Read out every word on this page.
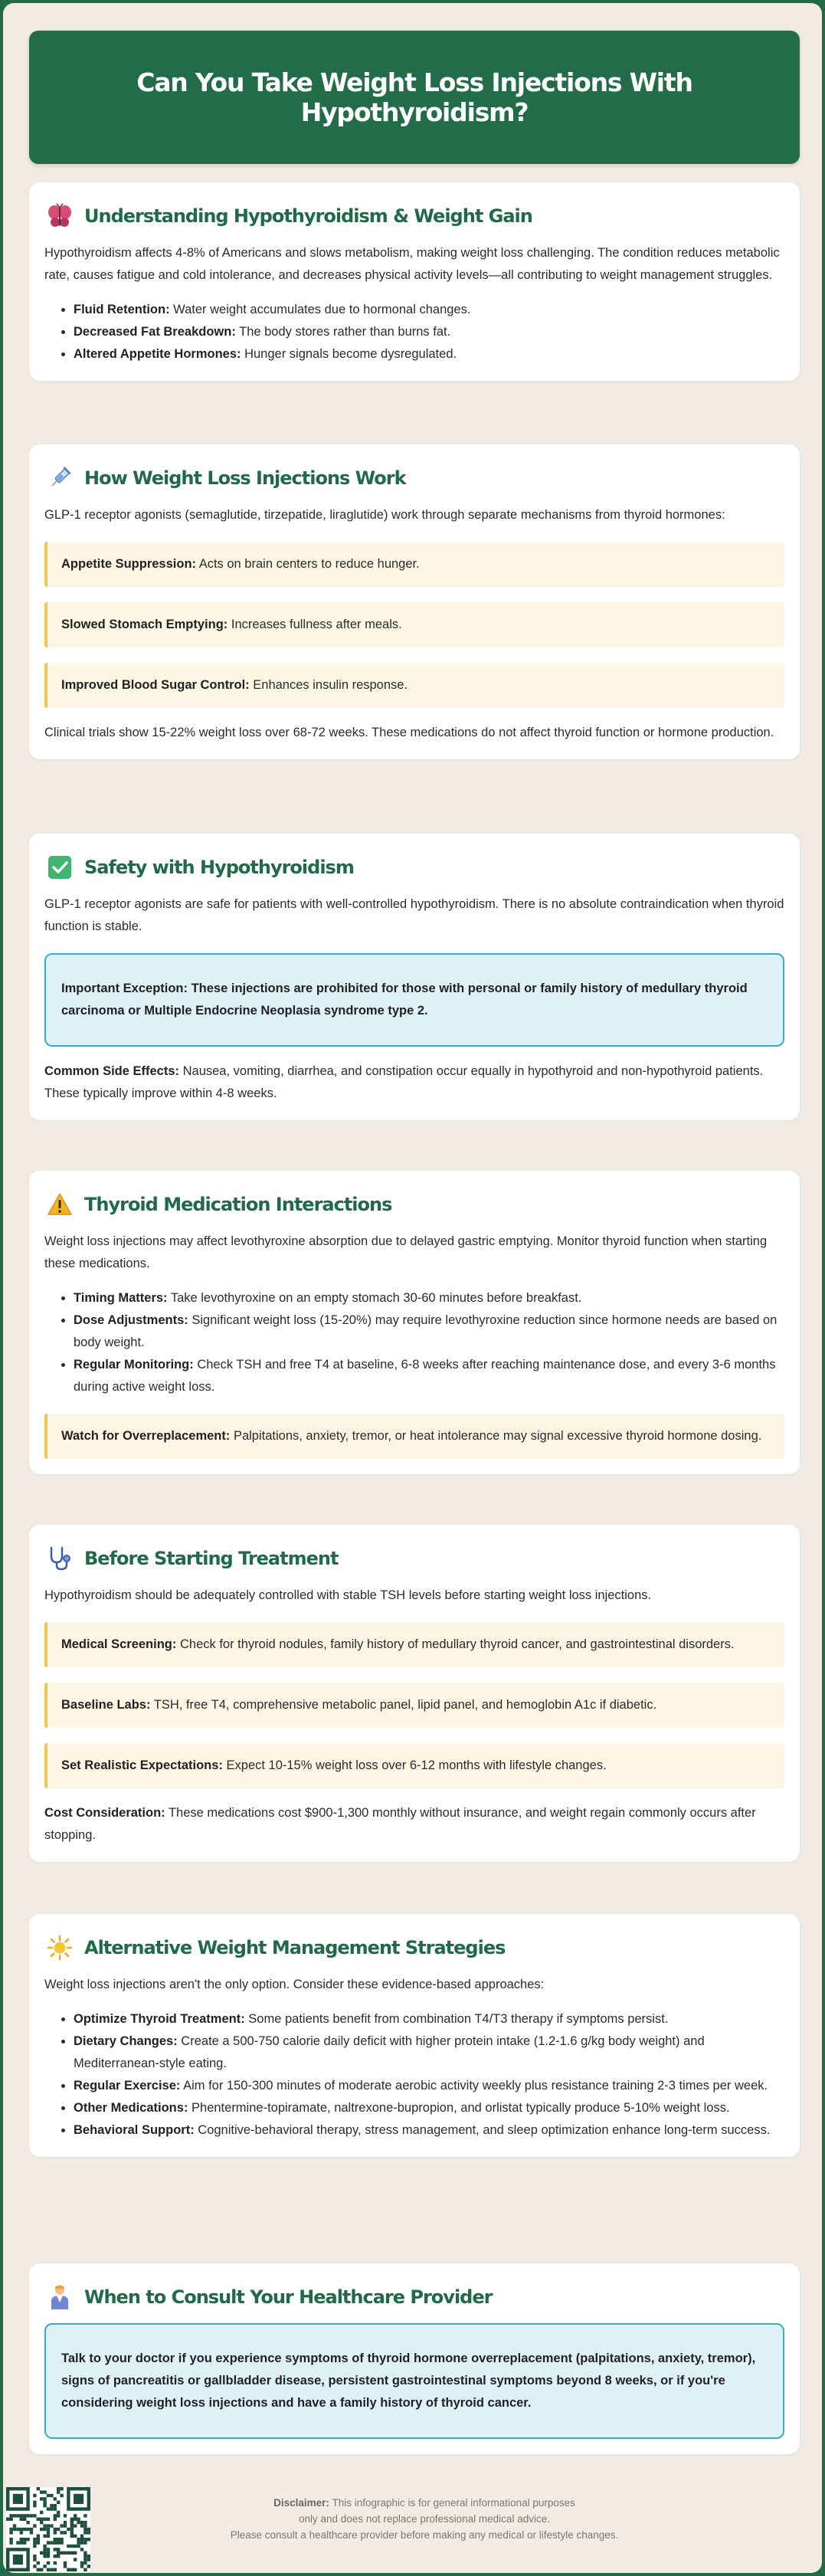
Can You Take Weight Loss Injections With Hypothyroidism?
Understanding Hypothyroidism & Weight Gain

Hypothyroidism affects 4-8% of Americans and slows metabolism, making weight loss challenging. The condition reduces metabolic rate, causes fatigue and cold intolerance, and decreases physical activity levels—all contributing to weight management struggles.

• Fluid Retention: Water weight accumulates due to hormonal changes.
• Decreased Fat Breakdown: The body stores rather than burns fat.
• Altered Appetite Hormones: Hunger signals become dysregulated.
How Weight Loss Injections Work

GLP-1 receptor agonists (semaglutide, tirzepatide, liraglutide) work through separate mechanisms from thyroid hormones:

Appetite Suppression: Acts on brain centers to reduce hunger.
Slowed Stomach Emptying: Increases fullness after meals.
Improved Blood Sugar Control: Enhances insulin response.

Clinical trials show 15-22% weight loss over 68-72 weeks. These medications do not affect thyroid function or hormone production.

Safety with Hypothyroidism

GLP-1 receptor agonists are safe for patients with well-controlled hypothyroidism. There is no absolute contraindication when thyroid function is stable.

Important Exception: These injections are prohibited for those with personal or family history of medullary thyroid carcinoma or Multiple Endocrine Neoplasia syndrome type 2.

Common Side Effects: Nausea, vomiting, diarrhea, and constipation occur equally in hypothyroid and non-hypothyroid patients. These typically improve within 4-8 weeks.

Thyroid Medication Interactions

Weight loss injections may affect levothyroxine absorption due to delayed gastric emptying. Monitor thyroid function when starting these medications.

• Timing Matters: Take levothyroxine on an empty stomach 30-60 minutes before breakfast.
• Dose Adjustments: Significant weight loss (15-20%) may require levothyroxine reduction since hormone needs are based on body weight.
• Regular Monitoring: Check TSH and free T4 at baseline, 6-8 weeks after reaching maintenance dose, and every 3-6 months during active weight loss.
Watch for Overreplacement: Palpitations, anxiety, tremor, or heat intolerance may signal excessive thyroid hormone dosing.
Before Starting Treatment

Hypothyroidism should be adequately controlled with stable TSH levels before starting weight loss injections.

Medical Screening: Check for thyroid nodules, family history of medullary thyroid cancer, and gastrointestinal disorders.
Baseline Labs: TSH, free T4, comprehensive metabolic panel, lipid panel, and hemoglobin A1c if diabetic.
Set Realistic Expectations: Expect 10-15% weight loss over 6-12 months with lifestyle changes.

Cost Consideration: These medications cost $900-1,300 monthly without insurance, and weight regain commonly occurs after stopping.

Alternative Weight Management Strategies

Weight loss injections aren't the only option. Consider these evidence-based approaches:

• Optimize Thyroid Treatment: Some patients benefit from combination T4/T3 therapy if symptoms persist.
• Dietary Changes: Create a 500-750 calorie daily deficit with higher protein intake (1.2-1.6 g/kg body weight) and Mediterranean-style eating.
• Regular Exercise: Aim for 150-300 minutes of moderate aerobic activity weekly plus resistance training 2-3 times per week.
• Other Medications: Phentermine-topiramate, naltrexone-bupropion, and orlistat typically produce 5-10% weight loss.
• Behavioral Support: Cognitive-behavioral therapy, stress management, and sleep optimization enhance long-term success.
When to Consult Your Healthcare Provider
Talk to your doctor if you experience symptoms of thyroid hormone overreplacement (palpitations, anxiety, tremor), signs of pancreatitis or gallbladder disease, persistent gastrointestinal symptoms beyond 8 weeks, or if you're considering weight loss injections and have a family history of thyroid cancer.
Disclaimer: This infographic is for general informational purposes
only and does not replace professional medical advice.
Please consult a healthcare provider before making any medical or lifestyle changes.
